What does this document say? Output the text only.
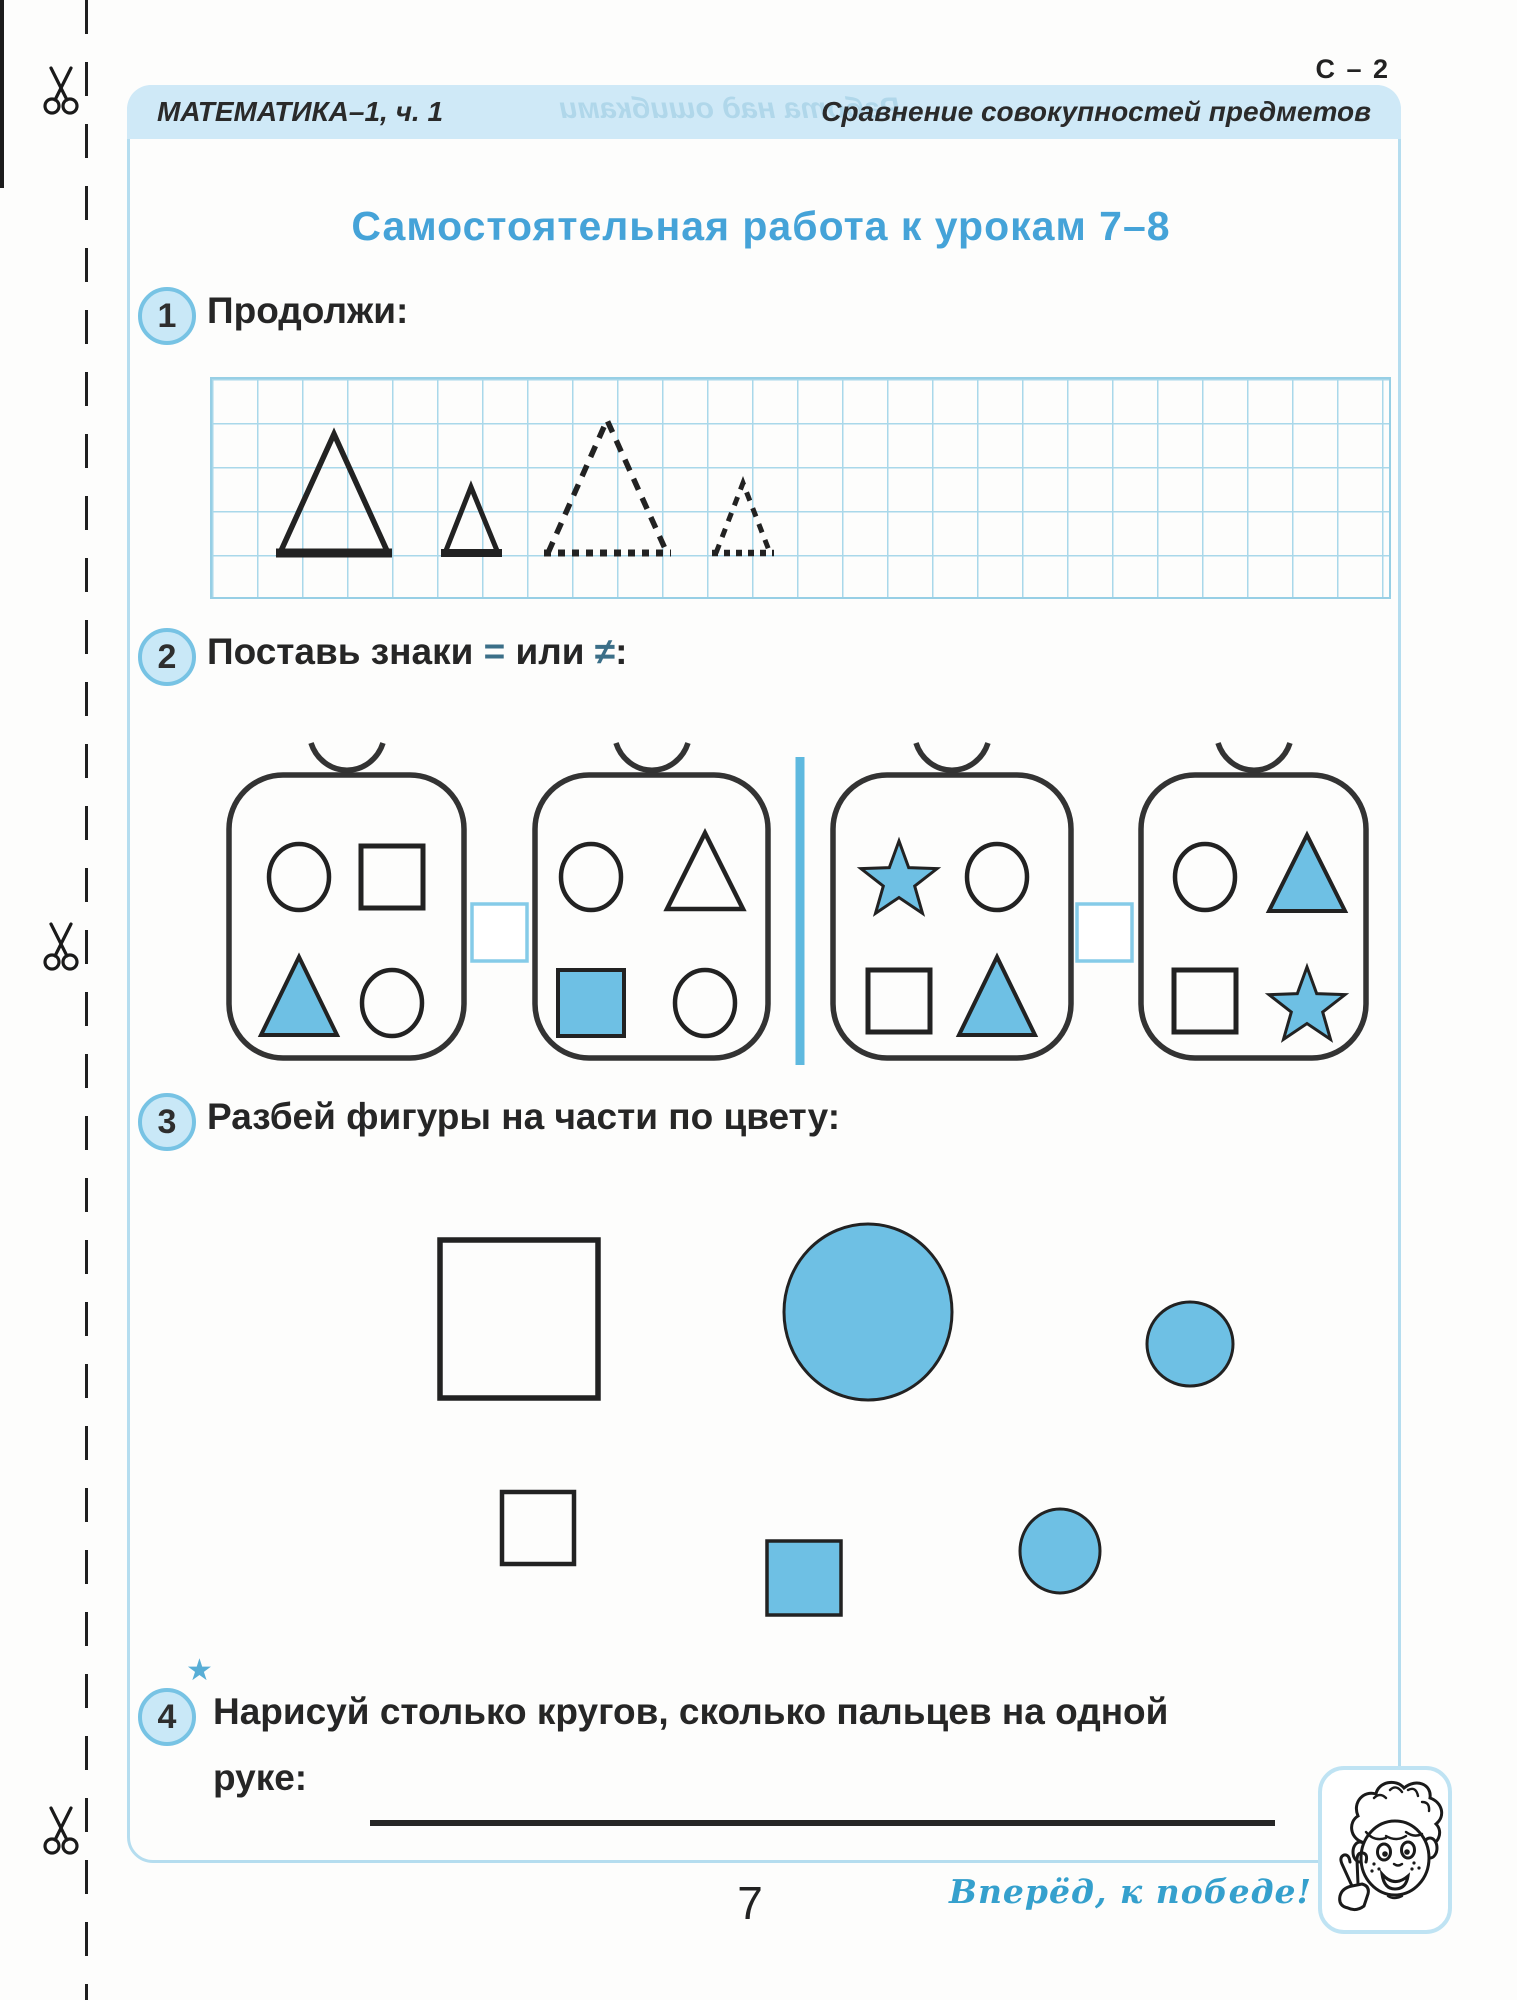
С – 2
МАТЕМАТИКА–1, ч. 1	Сравнение совокупностей предметов
Работа над ошибками
Самостоятельная работа к урокам 7–8
1 Продолжи:
2 Поставь знаки = или ≠:
3 Разбей фигуры на части по цвету:
4
★
Нарисуй столько кругов, сколько пальцев на одной
руке:
7	Вперёд, к победе!
